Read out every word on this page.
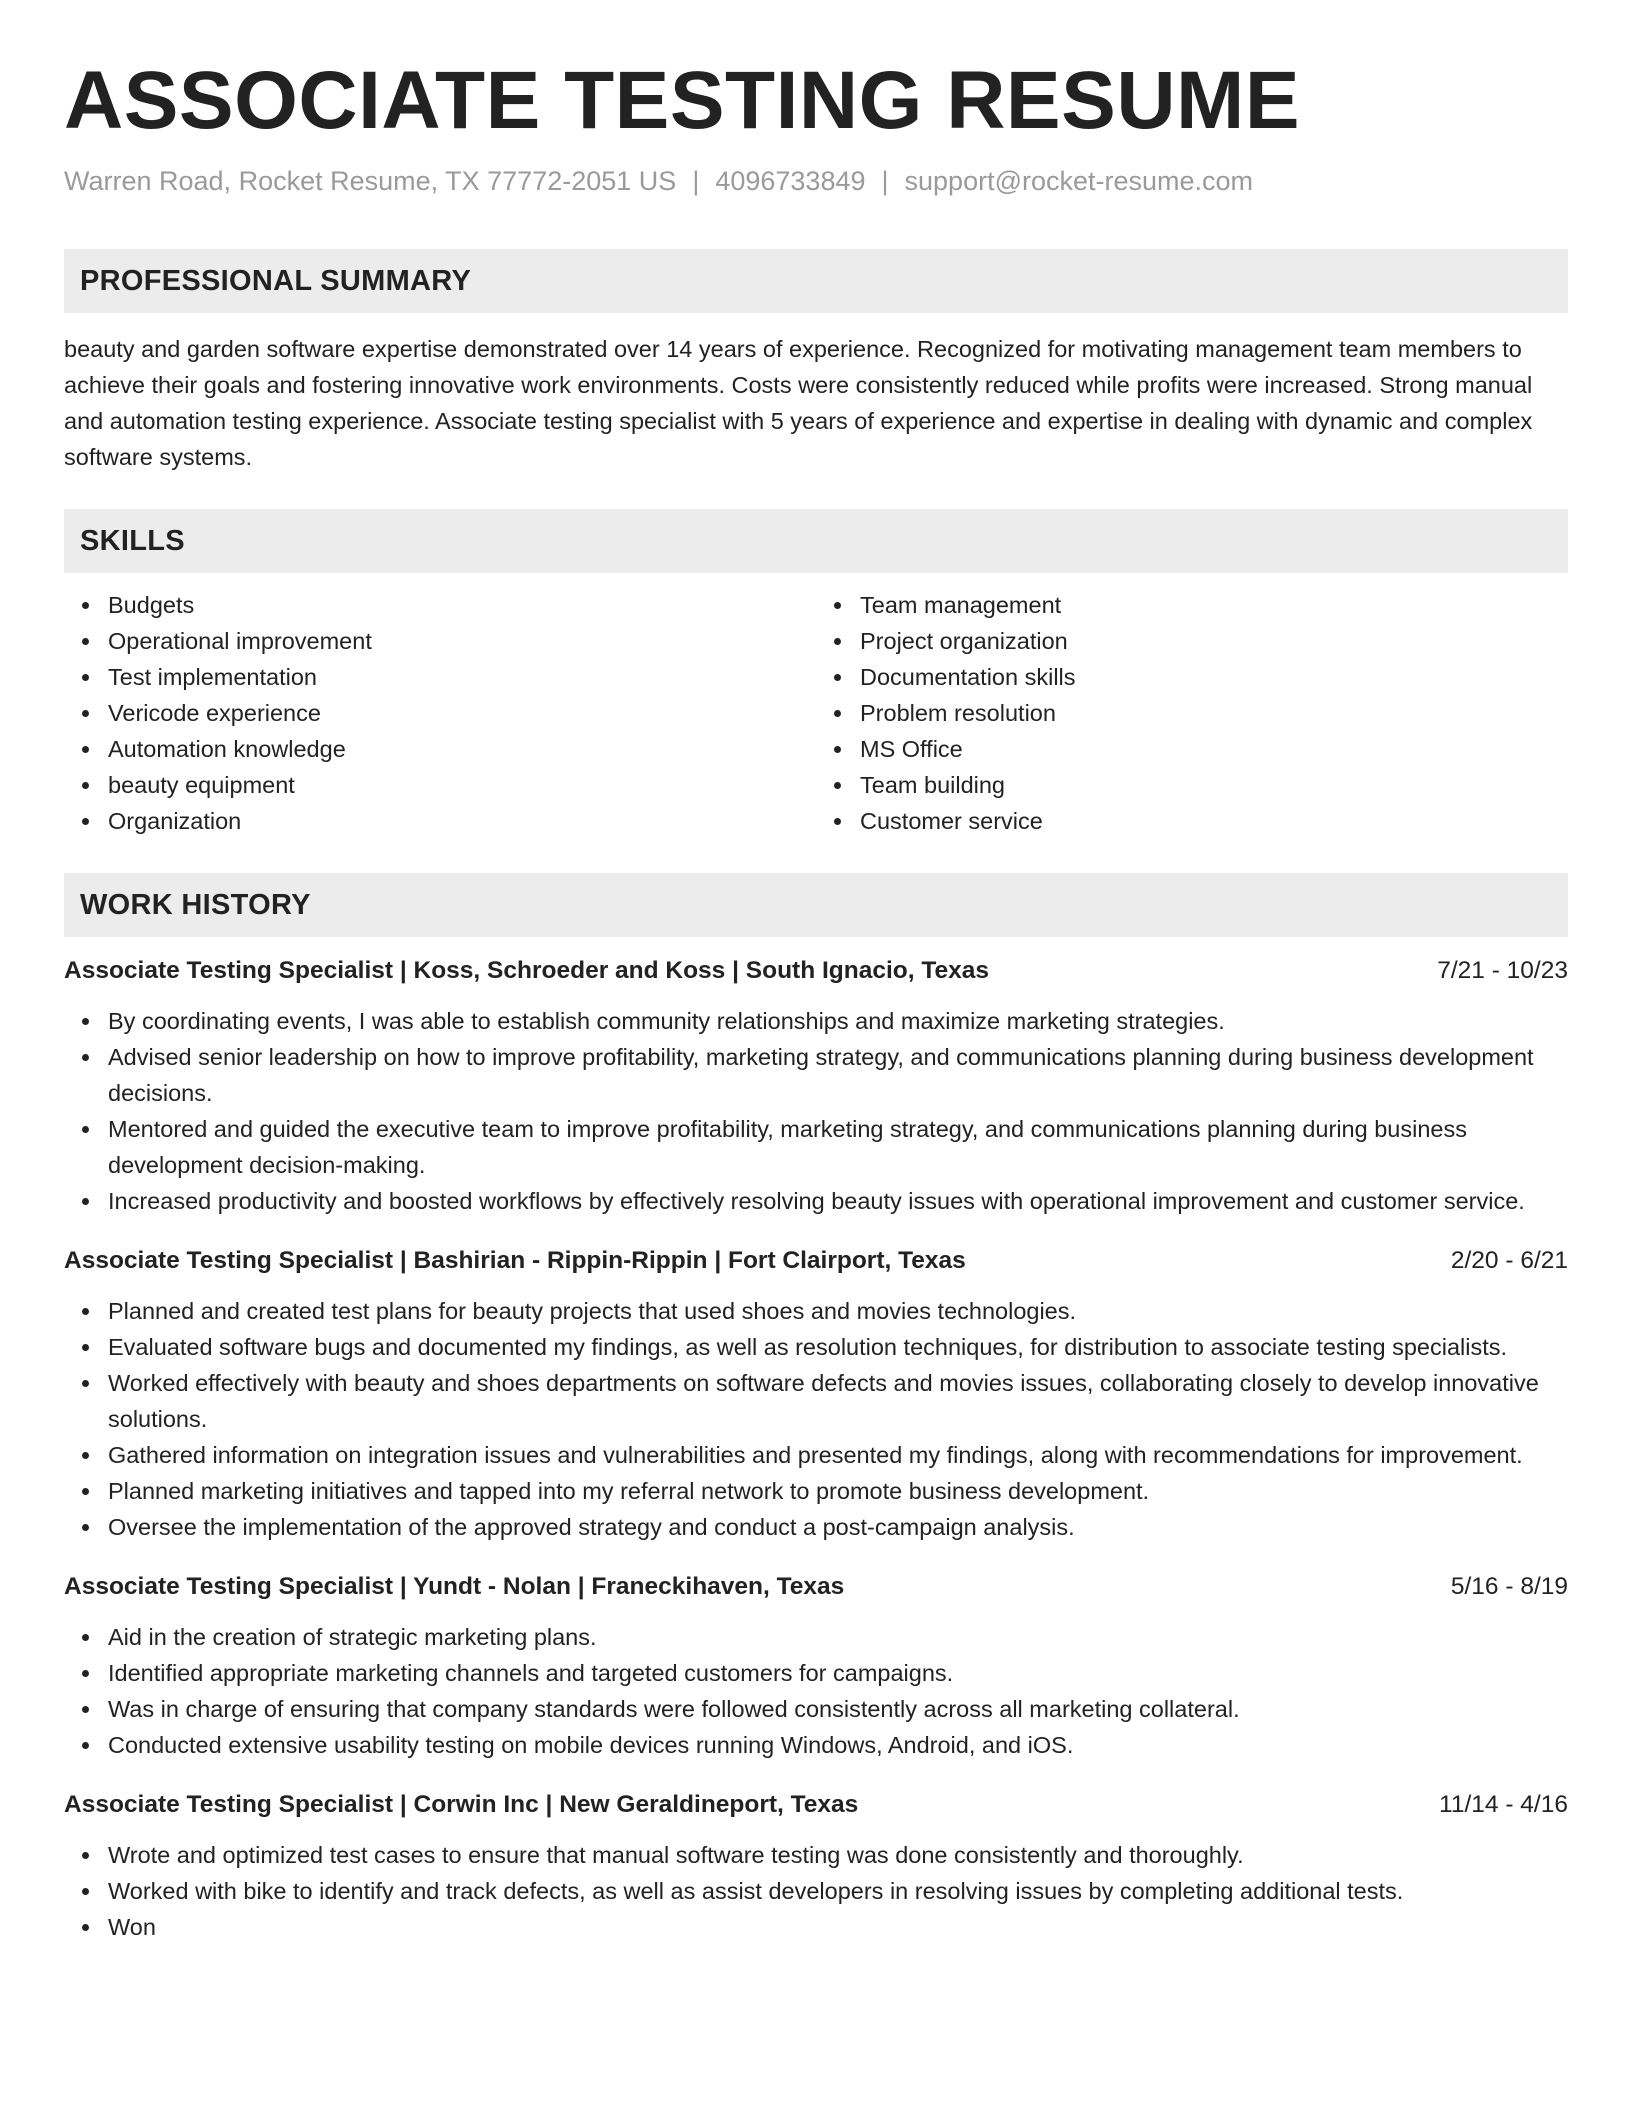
ASSOCIATE TESTING RESUME
Warren Road, Rocket Resume, TX 77772-2051 US | 4096733849 | support@rocket-resume.com
PROFESSIONAL SUMMARY

beauty and garden software expertise demonstrated over 14 years of experience. Recognized for motivating management team members to achieve their goals and fostering innovative work environments. Costs were consistently reduced while profits were increased. Strong manual and automation testing experience. Associate testing specialist with 5 years of experience and expertise in dealing with dynamic and complex software systems.

SKILLS
Budgets
Operational improvement
Test implementation
Vericode experience
Automation knowledge
beauty equipment
Organization
Team management
Project organization
Documentation skills
Problem resolution
MS Office
Team building
Customer service
WORK HISTORY
Associate Testing Specialist | Koss, Schroeder and Koss | South Ignacio, Texas	7/21 - 10/23
By coordinating events, I was able to establish community relationships and maximize marketing strategies.
Advised senior leadership on how to improve profitability, marketing strategy, and communications planning during business development decisions.
Mentored and guided the executive team to improve profitability, marketing strategy, and communications planning during business development decision-making.
Increased productivity and boosted workflows by effectively resolving beauty issues with operational improvement and customer service.
Associate Testing Specialist | Bashirian - Rippin-Rippin | Fort Clairport, Texas	2/20 - 6/21
Planned and created test plans for beauty projects that used shoes and movies technologies.
Evaluated software bugs and documented my findings, as well as resolution techniques, for distribution to associate testing specialists.
Worked effectively with beauty and shoes departments on software defects and movies issues, collaborating closely to develop innovative solutions.
Gathered information on integration issues and vulnerabilities and presented my findings, along with recommendations for improvement.
Planned marketing initiatives and tapped into my referral network to promote business development.
Oversee the implementation of the approved strategy and conduct a post-campaign analysis.
Associate Testing Specialist | Yundt - Nolan | Franeckihaven, Texas	5/16 - 8/19
Aid in the creation of strategic marketing plans.
Identified appropriate marketing channels and targeted customers for campaigns.
Was in charge of ensuring that company standards were followed consistently across all marketing collateral.
Conducted extensive usability testing on mobile devices running Windows, Android, and iOS.
Associate Testing Specialist | Corwin Inc | New Geraldineport, Texas	11/14 - 4/16
Wrote and optimized test cases to ensure that manual software testing was done consistently and thoroughly.
Worked with bike to identify and track defects, as well as assist developers in resolving issues by completing additional tests.
Won
